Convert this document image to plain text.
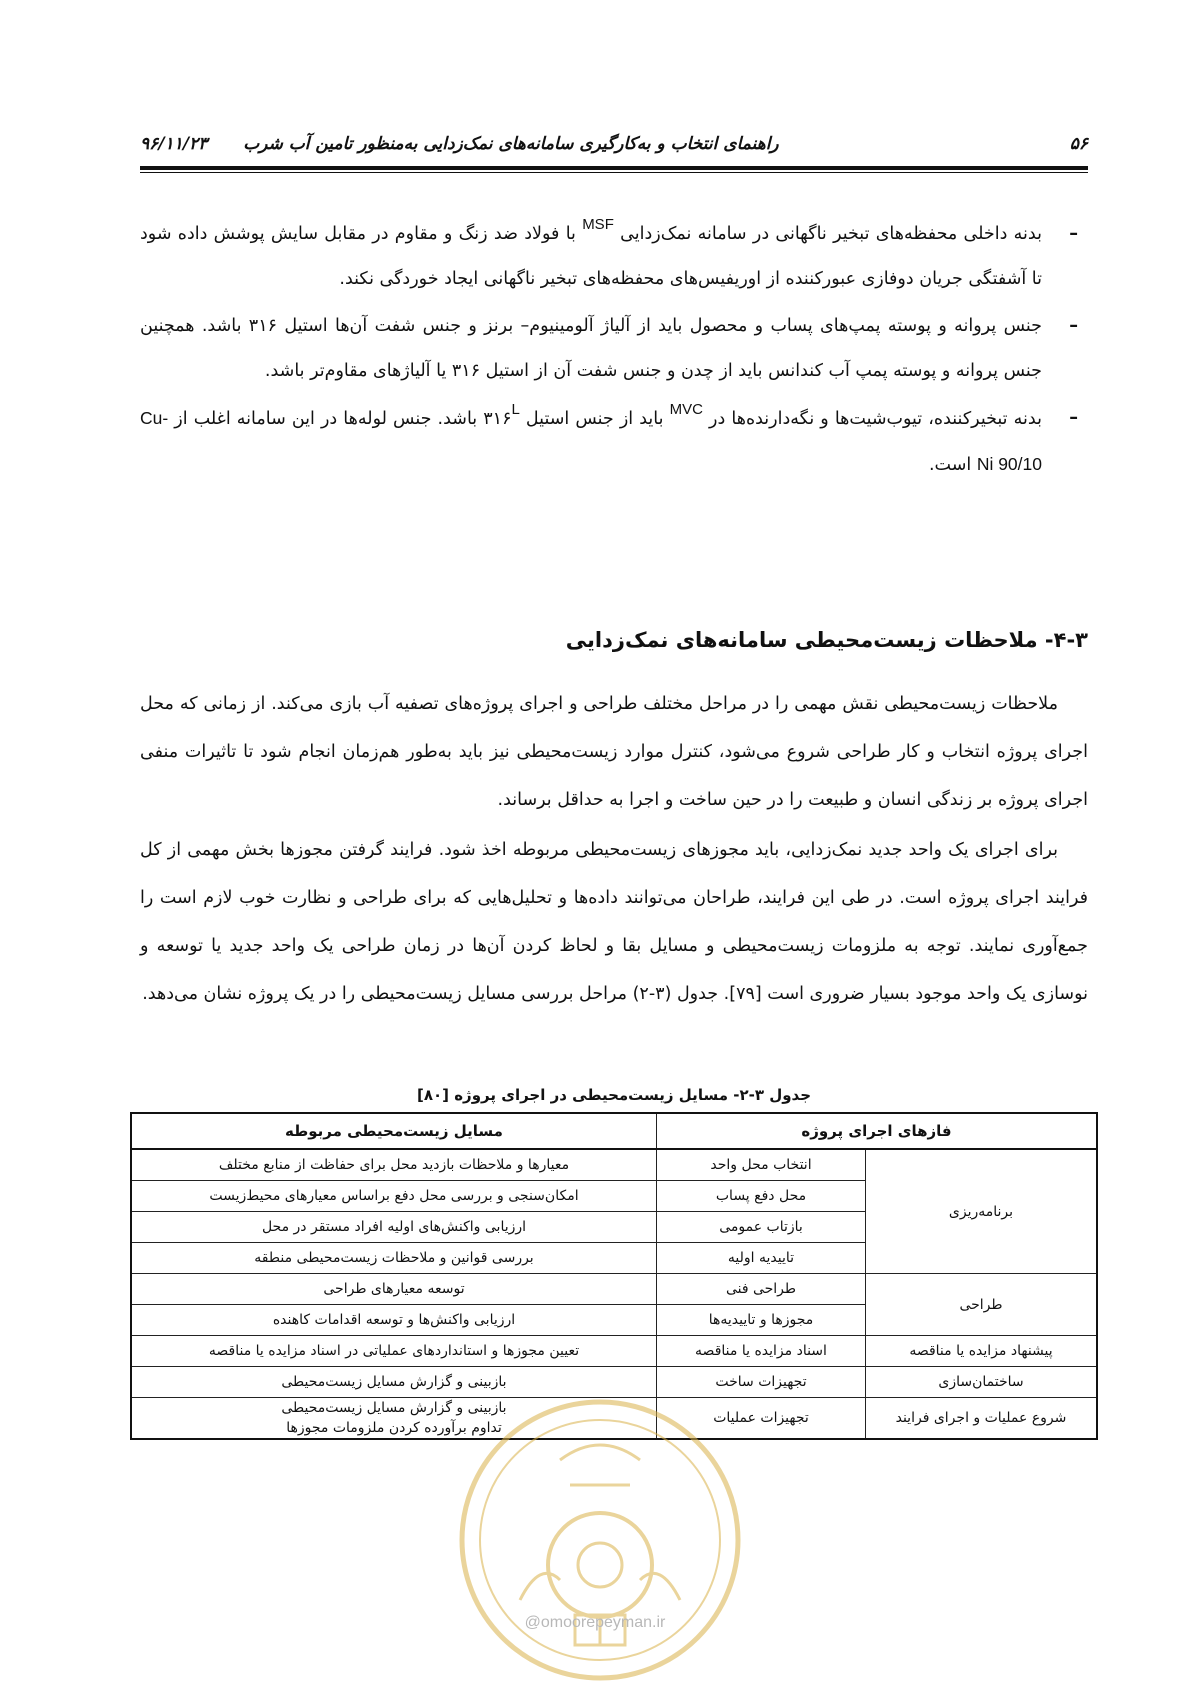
۵۶
راهنمای انتخاب و به‌کارگیری سامانه‌های نمک‌زدایی به‌منظور تامین آب شرب
۹۶/۱۱/۲۳
–
بدنه داخلی محفظه‌های تبخیر ناگهانی در سامانه نمک‌زدایی $^{MSF}$ با فولاد ضد زنگ و مقاوم در مقابل سایش پوشش داده شود تا آشفتگی جریان دوفازی عبورکننده از اوریفیس‌های محفظه‌های تبخیر ناگهانی ایجاد خوردگی نکند.
–
جنس پروانه و پوسته پمپ‌های پساب و محصول باید از آلیاژ آلومینیوم– برنز و جنس شفت آن‌ها استیل ۳۱۶ باشد. همچنین جنس پروانه و پوسته پمپ آب کندانس باید از چدن و جنس شفت آن از استیل ۳۱۶ یا آلیاژهای مقاوم‌تر باشد.
–
بدنه تبخیرکننده، تیوب‌شیت‌ها و نگه‌دارنده‌ها در $^{MVC}$ باید از جنس استیل $۳۱۶^L$ باشد. جنس لوله‌ها در این سامانه اغلب از Cu-Ni 90/10 است.
۴-۳- ملاحظات زیست‌محیطی سامانه‌های نمک‌زدایی

ملاحظات زیست‌محیطی نقش مهمی را در مراحل مختلف طراحی و اجرای پروژه‌های تصفیه آب بازی می‌کند. از زمانی که محل اجرای پروژه انتخاب و کار طراحی شروع می‌شود، کنترل موارد زیست‌محیطی نیز باید به‌طور هم‌زمان انجام شود تا تاثیرات منفی اجرای پروژه بر زندگی انسان و طبیعت را در حین ساخت و اجرا به حداقل برساند.

برای اجرای یک واحد جدید نمک‌زدایی، باید مجوزهای زیست‌محیطی مربوطه اخذ شود. فرایند گرفتن مجوزها بخش مهمی از کل فرایند اجرای پروژه است. در طی این فرایند، طراحان می‌توانند داده‌ها و تحلیل‌هایی که برای طراحی و نظارت خوب لازم است را جمع‌آوری نمایند. توجه به ملزومات زیست‌محیطی و مسایل بقا و لحاظ کردن آن‌ها در زمان طراحی یک واحد جدید یا توسعه و نوسازی یک واحد موجود بسیار ضروری است [۷۹]. جدول (۳-۲) مراحل بررسی مسایل زیست‌محیطی را در یک پروژه نشان می‌دهد.

جدول ۳-۲- مسایل زیست‌محیطی در اجرای پروژه [۸۰]
فازهای اجرای پروژه		مسایل زیست‌محیطی مربوطه
برنامه‌ریزی	انتخاب محل واحد	معیارها و ملاحظات بازدید محل برای حفاظت از منابع مختلف
	محل دفع پساب	امکان‌سنجی و بررسی محل دفع براساس معیارهای محیط‌زیست
	بازتاب عمومی	ارزیابی واکنش‌های اولیه افراد مستقر در محل
	تاییدیه اولیه	بررسی قوانین و ملاحظات زیست‌محیطی منطقه
طراحی	طراحی فنی	توسعه معیارهای طراحی
	مجوزها و تاییدیه‌ها	ارزیابی واکنش‌ها و توسعه اقدامات کاهنده
پیشنهاد مزایده یا مناقصه	اسناد مزایده یا مناقصه	تعیین مجوزها و استانداردهای عملیاتی در اسناد مزایده یا مناقصه
ساختمان‌سازی	تجهیزات ساخت	بازبینی و گزارش مسایل زیست‌محیطی
شروع عملیات و اجرای فرایند	تجهیزات عملیات	بازبینی و گزارش مسایل زیست‌محیطی
تداوم برآورده کردن ملزومات مجوزها
@omoorepeyman.ir
